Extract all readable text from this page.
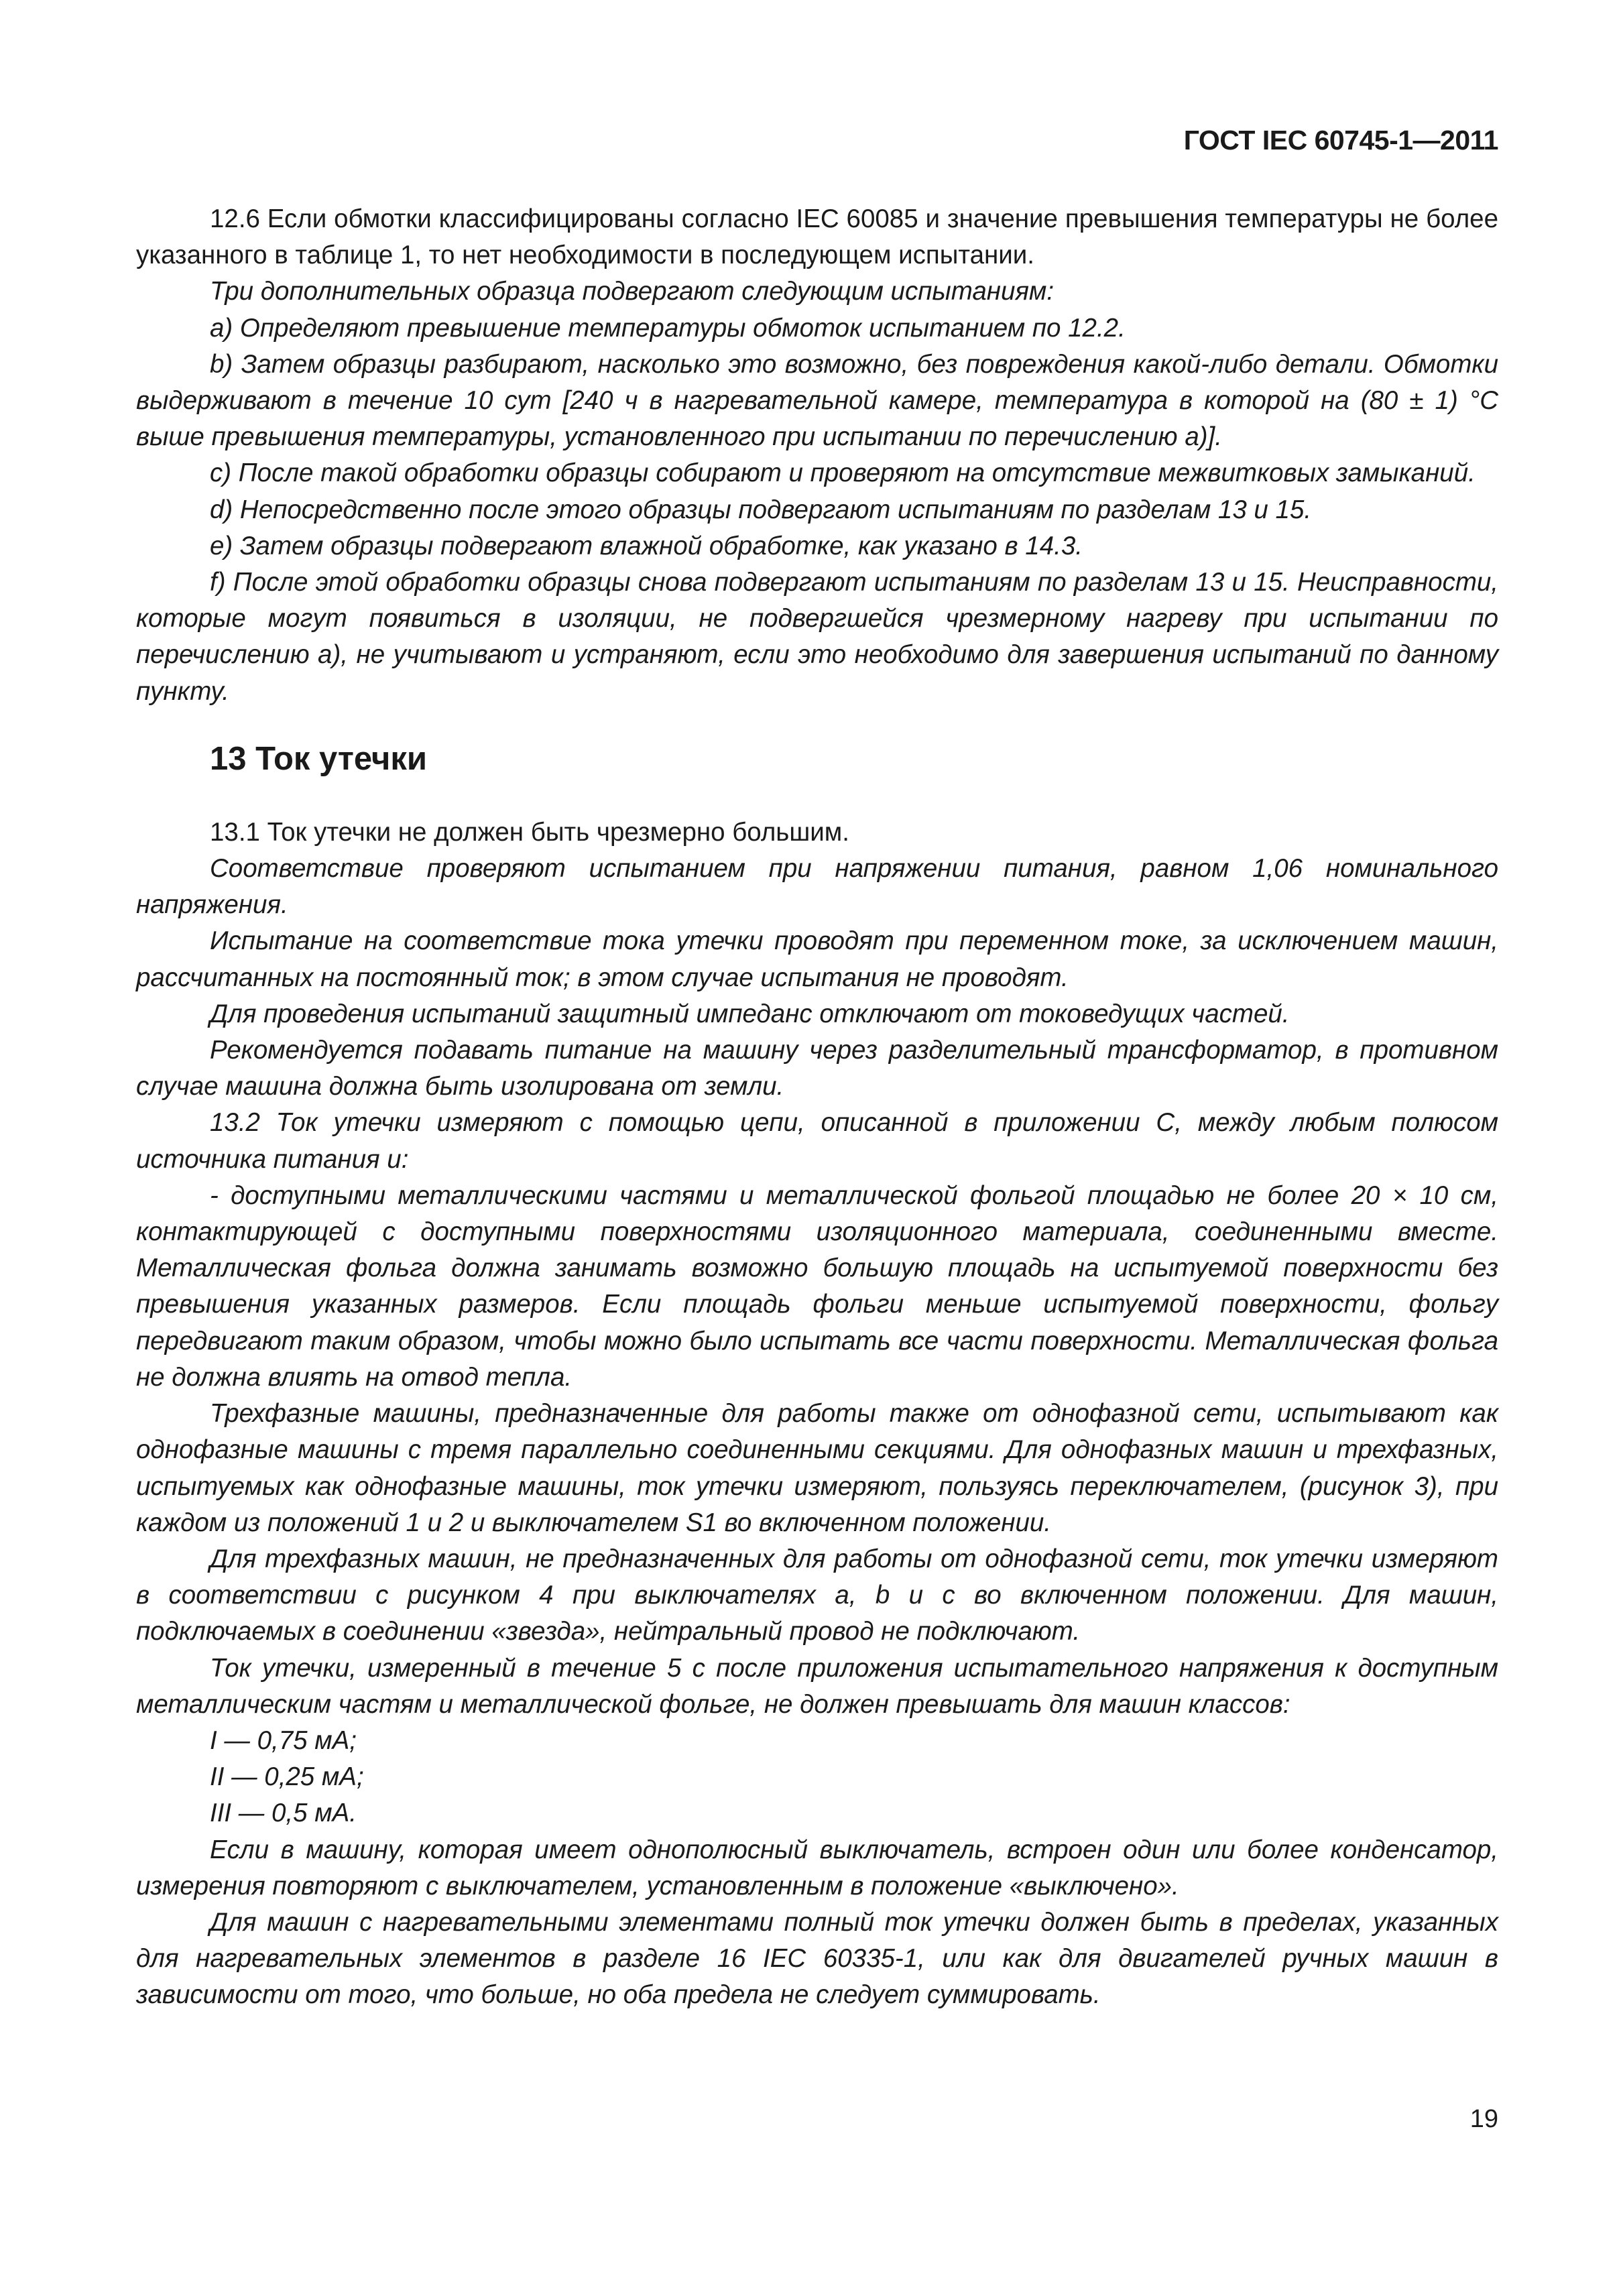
ГОСТ IEC 60745-1—2011

12.6 Если обмотки классифицированы согласно IEC 60085 и значение превышения температуры не более указанного в таблице 1, то нет необходимости в последующем испытании.

Три дополнительных образца подвергают следующим испытаниям:

a) Определяют превышение температуры обмоток испытанием по 12.2.

b) Затем образцы разбирают, насколько это возможно, без повреждения какой-либо детали. Обмотки выдерживают в течение 10 сут [240 ч в нагревательной камере, температура в которой на (80 ± 1) °С выше превышения температуры, установленного при испытании по перечислению а)].

c) После такой обработки образцы собирают и проверяют на отсутствие межвитковых замыканий.

d) Непосредственно после этого образцы подвергают испытаниям по разделам 13 и 15.

e) Затем образцы подвергают влажной обработке, как указано в 14.3.

f) После этой обработки образцы снова подвергают испытаниям по разделам 13 и 15. Неисправности, которые могут появиться в изоляции, не подвергшейся чрезмерному нагреву при испытании по перечислению а), не учитывают и устраняют, если это необходимо для завершения испытаний по данному пункту.

13 Ток утечки

13.1 Ток утечки не должен быть чрезмерно большим.

Соответствие проверяют испытанием при напряжении питания, равном 1,06 номинального напряжения.

Испытание на соответствие тока утечки проводят при переменном токе, за исключением машин, рассчитанных на постоянный ток; в этом случае испытания не проводят.

Для проведения испытаний защитный импеданс отключают от токоведущих частей.

Рекомендуется подавать питание на машину через разделительный трансформатор, в противном случае машина должна быть изолирована от земли.

13.2 Ток утечки измеряют с помощью цепи, описанной в приложении С, между любым полюсом источника питания и:

- доступными металлическими частями и металлической фольгой площадью не более 20 × 10 см, контактирующей с доступными поверхностями изоляционного материала, соединенными вместе. Металлическая фольга должна занимать возможно большую площадь на испытуемой поверхности без превышения указанных размеров. Если площадь фольги меньше испытуемой поверхности, фольгу передвигают таким образом, чтобы можно было испытать все части поверхности. Металлическая фольга не должна влиять на отвод тепла.

Трехфазные машины, предназначенные для работы также от однофазной сети, испытывают как однофазные машины с тремя параллельно соединенными секциями. Для однофазных машин и трехфазных, испытуемых как однофазные машины, ток утечки измеряют, пользуясь переключателем, (рисунок 3), при каждом из положений 1 и 2 и выключателем S1 во включенном положении.

Для трехфазных машин, не предназначенных для работы от однофазной сети, ток утечки измеряют в соответствии с рисунком 4 при выключателях a, b и c во включенном положении. Для машин, подключаемых в соединении «звезда», нейтральный провод не подключают.

Ток утечки, измеренный в течение 5 с после приложения испытательного напряжения к доступным металлическим частям и металлической фольге, не должен превышать для машин классов:

I — 0,75 мА;

II — 0,25 мА;

III — 0,5 мА.

Если в машину, которая имеет однополюсный выключатель, встроен один или более конденсатор, измерения повторяют с выключателем, установленным в положение «выключено».

Для машин с нагревательными элементами полный ток утечки должен быть в пределах, указанных для нагревательных элементов в разделе 16 IEC 60335-1, или как для двигателей ручных машин в зависимости от того, что больше, но оба предела не следует суммировать.

19
